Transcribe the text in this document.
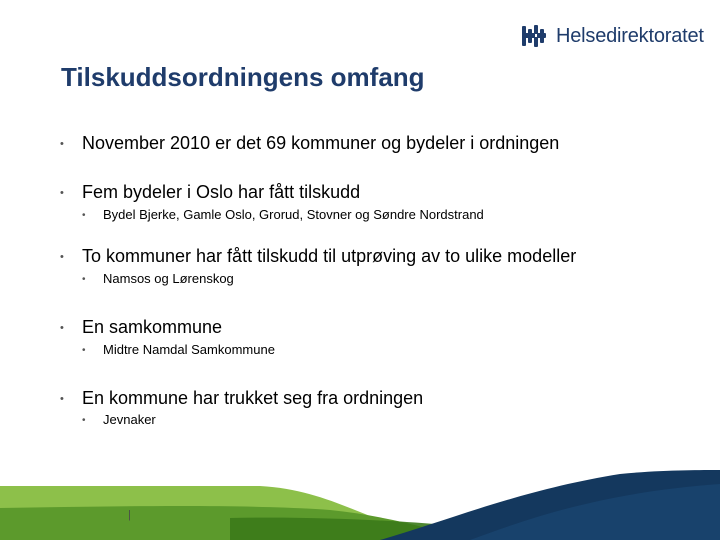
Helsedirektoratet
Tilskuddsordningens omfang
• November 2010 er det 69 kommuner og bydeler i ordningen
• Fem bydeler i Oslo har fått tilskudd
• Bydel Bjerke, Gamle Oslo, Grorud, Stovner og Søndre Nordstrand
• To kommuner har fått tilskudd til utprøving av to ulike modeller
• Namsos og Lørenskog
• En samkommune
• Midtre Namdal Samkommune
• En kommune har trukket seg fra ordningen
• Jevnaker
|
